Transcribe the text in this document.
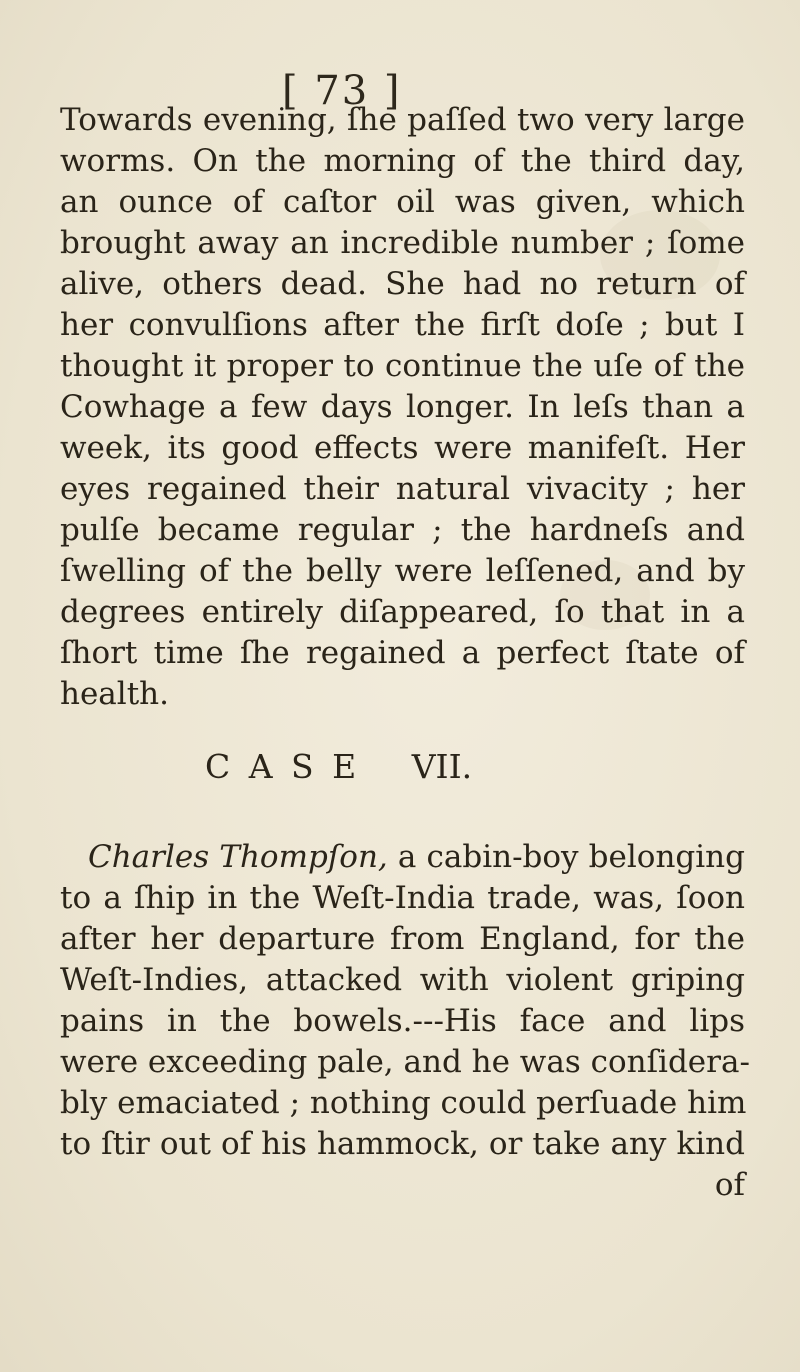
[ 73 ]
Towards evening, ſhe paſſed two very large
worms. On the morning of the third day,
an ounce of caſtor oil was given, which
brought away an incredible number ; ſome
alive, others dead. She had no return of
her convulſions after the firſt doſe ; but I
thought it proper to continue the uſe of the
Cowhage a few days longer. In leſs than a
week, its good effects were manifeſt. Her
eyes regained their natural vivacity ; her
pulſe became regular ; the hardneſs and
ſwelling of the belly were leſſened, and by
degrees entirely diſappeared, ſo that in a
ſhort time ſhe regained a perfect ſtate of
health.
C A S E   VII.
Charles Thompſon, a cabin-boy belonging
to a ſhip in the Weſt-India trade, was, ſoon
after her departure from England, for the
Weſt-Indies, attacked with violent griping
pains in the bowels.---His face and lips
were exceeding pale, and he was conſidera-
bly emaciated ; nothing could perſuade him
to ſtir out of his hammock, or take any kind
of
